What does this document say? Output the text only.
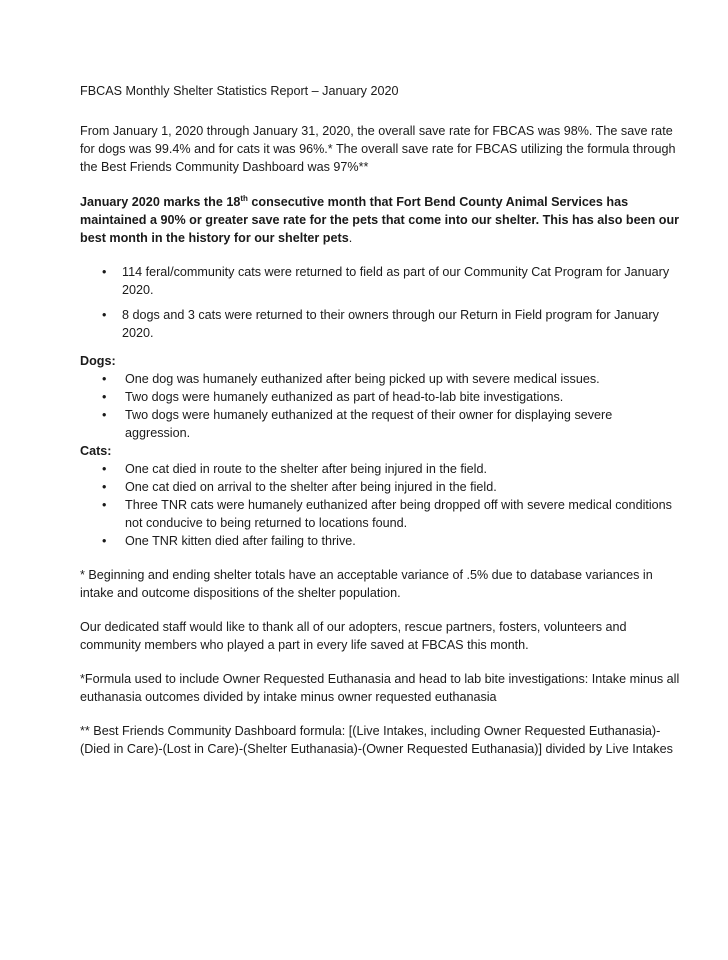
FBCAS Monthly Shelter Statistics Report – January 2020

From January 1, 2020 through January 31, 2020, the overall save rate for FBCAS was 98%. The save rate for dogs was 99.4% and for cats it was 96%.* The overall save rate for FBCAS utilizing the formula through the Best Friends Community Dashboard was 97%**

January 2020 marks the 18th consecutive month that Fort Bend County Animal Services has maintained a 90% or greater save rate for the pets that come into our shelter. This has also been our best month in the history for our shelter pets.

• 114 feral/community cats were returned to field as part of our Community Cat Program for January 2020.
• 8 dogs and 3 cats were returned to their owners through our Return in Field program for January 2020.

Dogs:

• One dog was humanely euthanized after being picked up with severe medical issues.
• Two dogs were humanely euthanized as part of head-to-lab bite investigations.
• Two dogs were humanely euthanized at the request of their owner for displaying severe aggression.

Cats:

• One cat died in route to the shelter after being injured in the field.
• One cat died on arrival to the shelter after being injured in the field.
• Three TNR cats were humanely euthanized after being dropped off with severe medical conditions not conducive to being returned to locations found.
• One TNR kitten died after failing to thrive.

* Beginning and ending shelter totals have an acceptable variance of .5% due to database variances in intake and outcome dispositions of the shelter population.

Our dedicated staff would like to thank all of our adopters, rescue partners, fosters, volunteers and community members who played a part in every life saved at FBCAS this month.

*Formula used to include Owner Requested Euthanasia and head to lab bite investigations: Intake minus all euthanasia outcomes divided by intake minus owner requested euthanasia

** Best Friends Community Dashboard formula: [(Live Intakes, including Owner Requested Euthanasia)-(Died in Care)-(Lost in Care)-(Shelter Euthanasia)-(Owner Requested Euthanasia)] divided by Live Intakes
